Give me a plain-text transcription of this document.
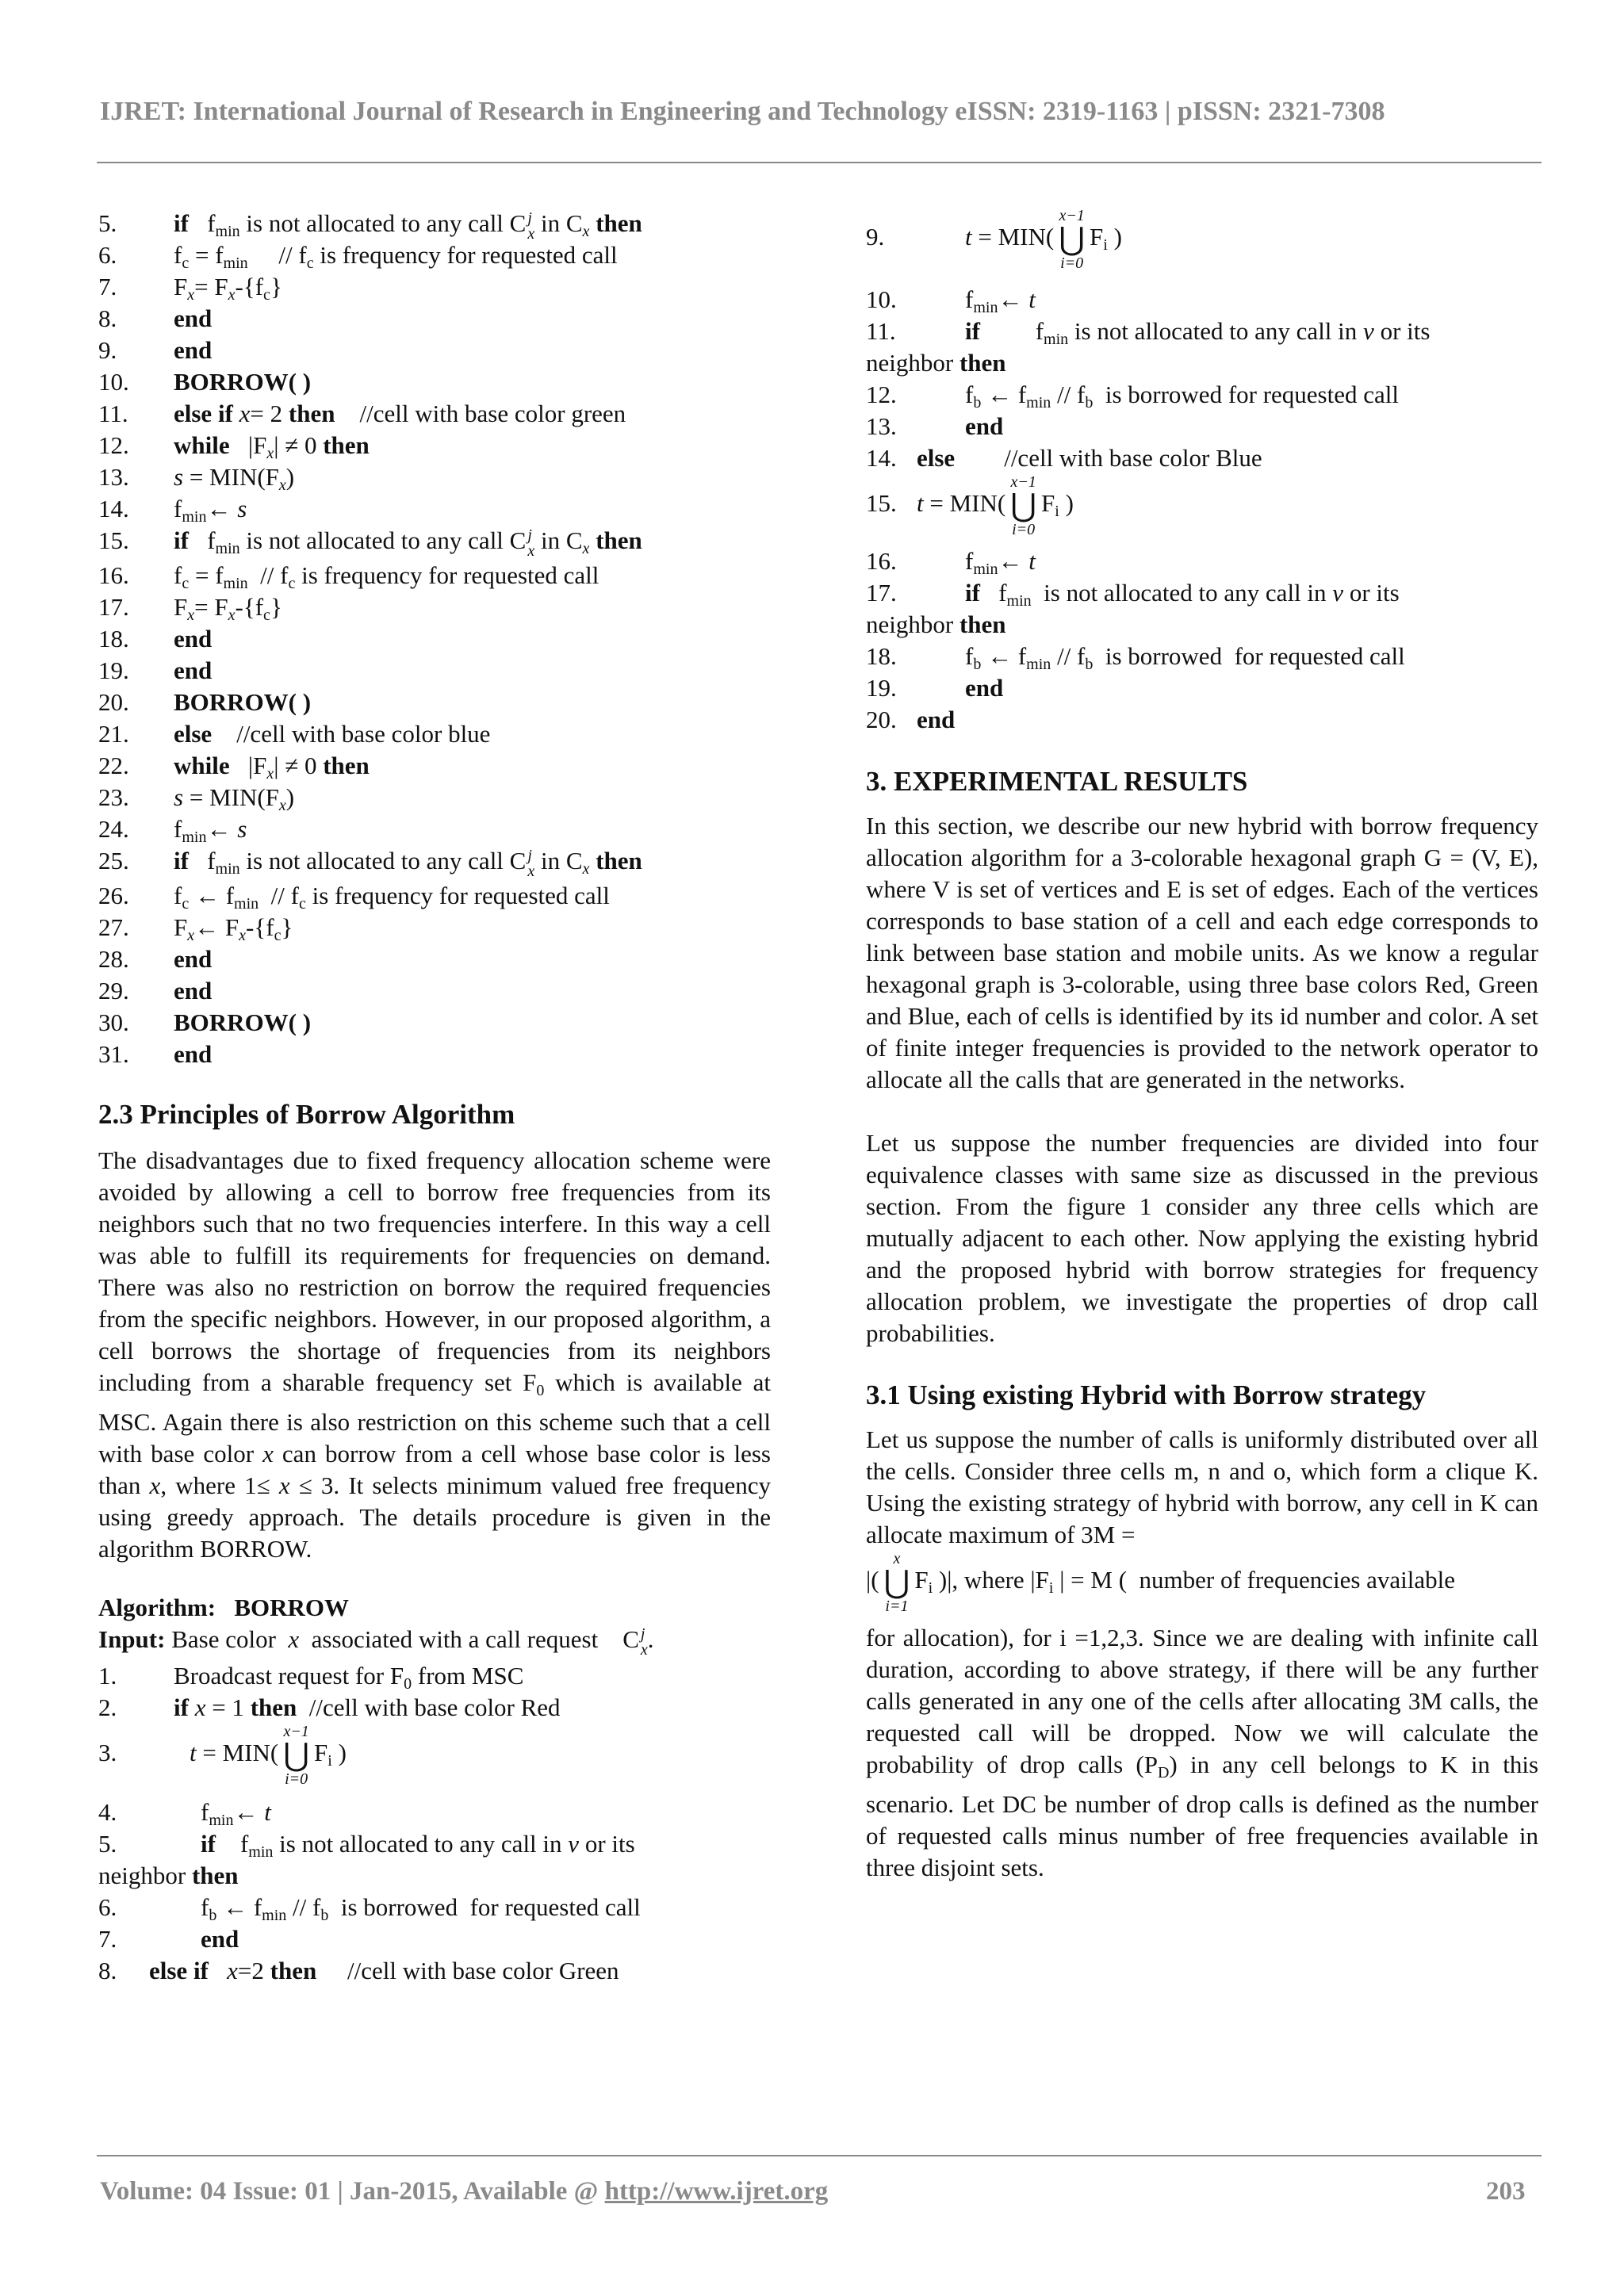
IJRET: International Journal of Research in Engineering and Technology eISSN: 2319-1163 | pISSN: 2321-7308
5.	if $f_{min}$ is not allocated to any call C j
x in $C_x$ then
6.	$f_c = f_{min}$     // $f_c$ is frequency for requested call
7.	$F_x= F_x-\{f_c\}$
8.	end
9.	end
10.	BORROW( )
11.	else if x= 2 then    //cell with base color green
12.	while   $|F_x| \ne 0$ then
13.	$s = MIN(F_x)$
14.	$f_{min}\leftarrow$ s
15.	if $f_{min}$ is not allocated to any call C j
x in $C_x$ then
16.	$f_c = f_{min} // f_c$ is frequency for requested call
17.	$F_x= F_x-\{f_c\}$
18.	end
19.	end
20.	BORROW( )
21.	else    //cell with base color blue
22.	while   $|F_x| \ne 0$ then
23.	$s = MIN(F_x)$
24.	$f_{min}\leftarrow$ s
25.	if $f_{min}$ is not allocated to any call C j
x in $C_x$ then
26.	$f_c$ ← $f_{min} // f_c$ is frequency for requested call
27.	$F_x\leftarrow$ $F_x-\{f_c\}$
28.	end
29.	end
30.	BORROW( )
31.	end
2.3 Principles of Borrow Algorithm

The disadvantages due to fixed frequency allocation scheme were avoided by allowing a cell to borrow free frequencies from its neighbors such that no two frequencies interfere. In this way a cell was able to fulfill its requirements for frequencies on demand. There was also no restriction on borrow the required frequencies from the specific neighbors. However, in our proposed algorithm, a cell borrows the shortage of frequencies from its neighbors including from a sharable frequency set $F_0$ which is available at MSC. Again there is also restriction on this scheme such that a cell with base color x can borrow from a cell whose base color is less than x, where 1≤ x ≤ 3. It selects minimum valued free frequency using greedy approach. The details procedure is given in the algorithm BORROW.

Algorithm: BORROW
Input: Base color  x  associated with a call request C j
x .
1.	Broadcast request for $F_0$ from MSC
2.	if x = 1 then  //cell with base color Red
3.	t = MIN(
x−1
⋃
i=0
$F_i$ )
4.	$f_{min}\leftarrow$ t
5.	if $f_{min}$ is not allocated to any call in v or its
neighbor then
6.	$f_b$ ← $f_{min} // f_b$  is borrowed  for requested call
7.	end
8.	else if   x=2 then     //cell with base color Green
9.	t = MIN(
x−1
⋃
i=0
$F_i$ )
10.	$f_{min}\leftarrow$ t
11.	if $f_{min}$ is not allocated to any call in v or its
neighbor then
12.	$f_b$ ← $f_{min} // f_b$  is borrowed for requested call
13.	end
14. else        //cell with base color Blue
15. t = MIN(
x−1
⋃
i=0
$F_i$ )
16.	$f_{min}\leftarrow$ t
17.	if $f_{min}$  is not allocated to any call in v or its
neighbor then
18.	$f_b$ ← $f_{min} // f_b$  is borrowed  for requested call
19.	end
20. end
3. EXPERIMENTAL RESULTS

In this section, we describe our new hybrid with borrow frequency allocation algorithm for a 3-colorable hexagonal graph G = (V, E), where V is set of vertices and E is set of edges. Each of the vertices corresponds to base station of a cell and each edge corresponds to link between base station and mobile units. As we know a regular hexagonal graph is 3-colorable, using three base colors Red, Green and Blue, each of cells is identified by its id number and color. A set of finite integer frequencies is provided to the network operator to allocate all the calls that are generated in the networks.

Let us suppose the number frequencies are divided into four equivalence classes with same size as discussed in the previous section. From the figure 1 consider any three cells which are mutually adjacent to each other. Now applying the existing hybrid and the proposed hybrid with borrow strategies for frequency allocation problem, we investigate the properties of drop call probabilities.

3.1 Using existing Hybrid with Borrow strategy

Let us suppose the number of calls is uniformly distributed over all the cells. Consider three cells m, n and o, which form a clique K. Using the existing strategy of hybrid with borrow, any cell in K can allocate maximum of 3M =

|(
x
⋃
i=1
$F_i$ )|, where $|F_i$ | = M (  number of frequencies available

for allocation), for i =1,2,3. Since we are dealing with infinite call duration, according to above strategy, if there will be any further calls generated in any one of the cells after allocating 3M calls, the requested call will be dropped. Now we will calculate the probability of drop calls $(P_D)$ in any cell belongs to K in this scenario. Let DC be number of drop calls is defined as the number of requested calls minus number of free frequencies available in three disjoint sets.

Volume: 04 Issue: 01 | Jan-2015, Available @ http://www.ijret.org	203
